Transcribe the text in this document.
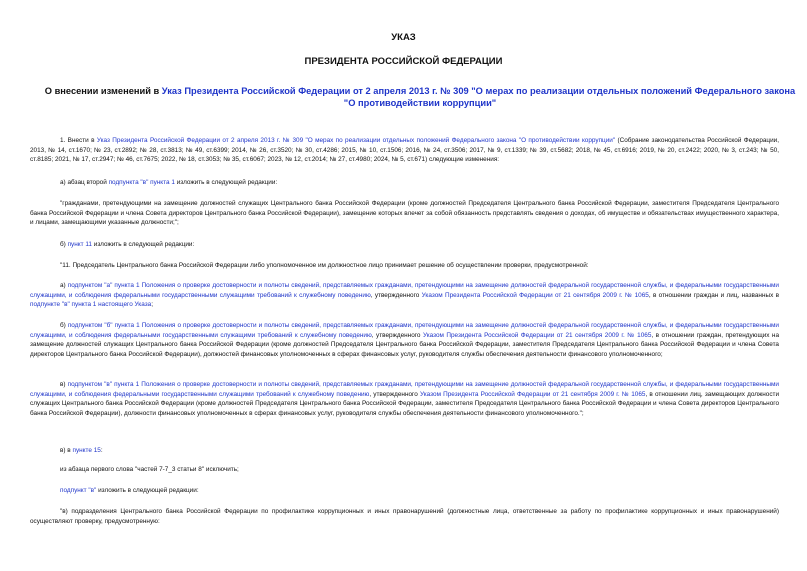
УКАЗ

ПРЕЗИДЕНТА РОССИЙСКОЙ ФЕДЕРАЦИИ

О внесении изменений в Указ Президента Российской Федерации от 2 апреля 2013 г. № 309 "О мерах по реализации отдельных положений Федерального закона "О противодействии коррупции"

1. Внести в Указ Президента Российской Федерации от 2 апреля 2013 г. № 309 "О мерах по реализации отдельных положений Федерального закона "О противодействии коррупции" (Собрание законодательства Российской Федерации, 2013, № 14, ст.1670; № 23, ст.2892; № 28, ст.3813; № 49, ст.6399; 2014, № 26, ст.3520; № 30, ст.4286; 2015, № 10, ст.1506; 2016, № 24, ст.3506; 2017, № 9, ст.1339; № 39, ст.5682; 2018, № 45, ст.6916; 2019, № 20, ст.2422; 2020, № 3, ст.243; № 50, ст.8185; 2021, № 17, ст.2947; № 46, ст.7675; 2022, № 18, ст.3053; № 35, ст.6067; 2023, № 12, ст.2014; № 27, ст.4980; 2024, № 5, ст.671) следующие изменения:

а) абзац второй подпункта "в" пункта 1 изложить в следующей редакции:

"гражданами, претендующими на замещение должностей служащих Центрального банка Российской Федерации (кроме должностей Председателя Центрального банка Российской Федерации, заместителя Председателя Центрального банка Российской Федерации и члена Совета директоров Центрального банка Российской Федерации), замещение которых влечет за собой обязанность представлять сведения о доходах, об имуществе и обязательствах имущественного характера, и лицами, замещающими указанные должности;";

б) пункт 11 изложить в следующей редакции:

"11. Председатель Центрального банка Российской Федерации либо уполномоченное им должностное лицо принимает решение об осуществлении проверки, предусмотренной:

а) подпунктом "а" пункта 1 Положения о проверке достоверности и полноты сведений, представляемых гражданами, претендующими на замещение должностей федеральной государственной службы, и федеральными государственными служащими, и соблюдения федеральными государственными служащими требований к служебному поведению, утвержденного Указом Президента Российской Федерации от 21 сентября 2009 г. № 1065, в отношении граждан и лиц, названных в подпункте "в" пункта 1 настоящего Указа;

б) подпунктом "б" пункта 1 Положения о проверке достоверности и полноты сведений, представляемых гражданами, претендующими на замещение должностей федеральной государственной службы, и федеральными государственными служащими, и соблюдения федеральными государственными служащими требований к служебному поведению, утвержденного Указом Президента Российской Федерации от 21 сентября 2009 г. № 1065, в отношении граждан, претендующих на замещение должностей служащих Центрального банка Российской Федерации (кроме должностей Председателя Центрального банка Российской Федерации, заместителя Председателя Центрального банка Российской Федерации и члена Совета директоров Центрального банка Российской Федерации), должностей финансовых уполномоченных в сферах финансовых услуг, руководителя службы обеспечения деятельности финансового уполномоченного;

в) подпунктом "в" пункта 1 Положения о проверке достоверности и полноты сведений, представляемых гражданами, претендующими на замещение должностей федеральной государственной службы, и федеральными государственными служащими, и соблюдения федеральными государственными служащими требований к служебному поведению, утвержденного Указом Президента Российской Федерации от 21 сентября 2009 г. № 1065, в отношении лиц, замещающих должности служащих Центрального банка Российской Федерации (кроме должностей Председателя Центрального банка Российской Федерации, заместителя Председателя Центрального банка Российской Федерации и члена Совета директоров Центрального банка Российской Федерации), должности финансовых уполномоченных в сферах финансовых услуг, руководителя службы обеспечения деятельности финансового уполномоченного.";

в) в пункте 15:

из абзаца первого слова "частей 7-7_3 статьи 8" исключить;

подпункт "в" изложить в следующей редакции:

"в) подразделения Центрального банка Российской Федерации по профилактике коррупционных и иных правонарушений (должностные лица, ответственные за работу по профилактике коррупционных и иных правонарушений) осуществляют проверку, предусмотренную:
